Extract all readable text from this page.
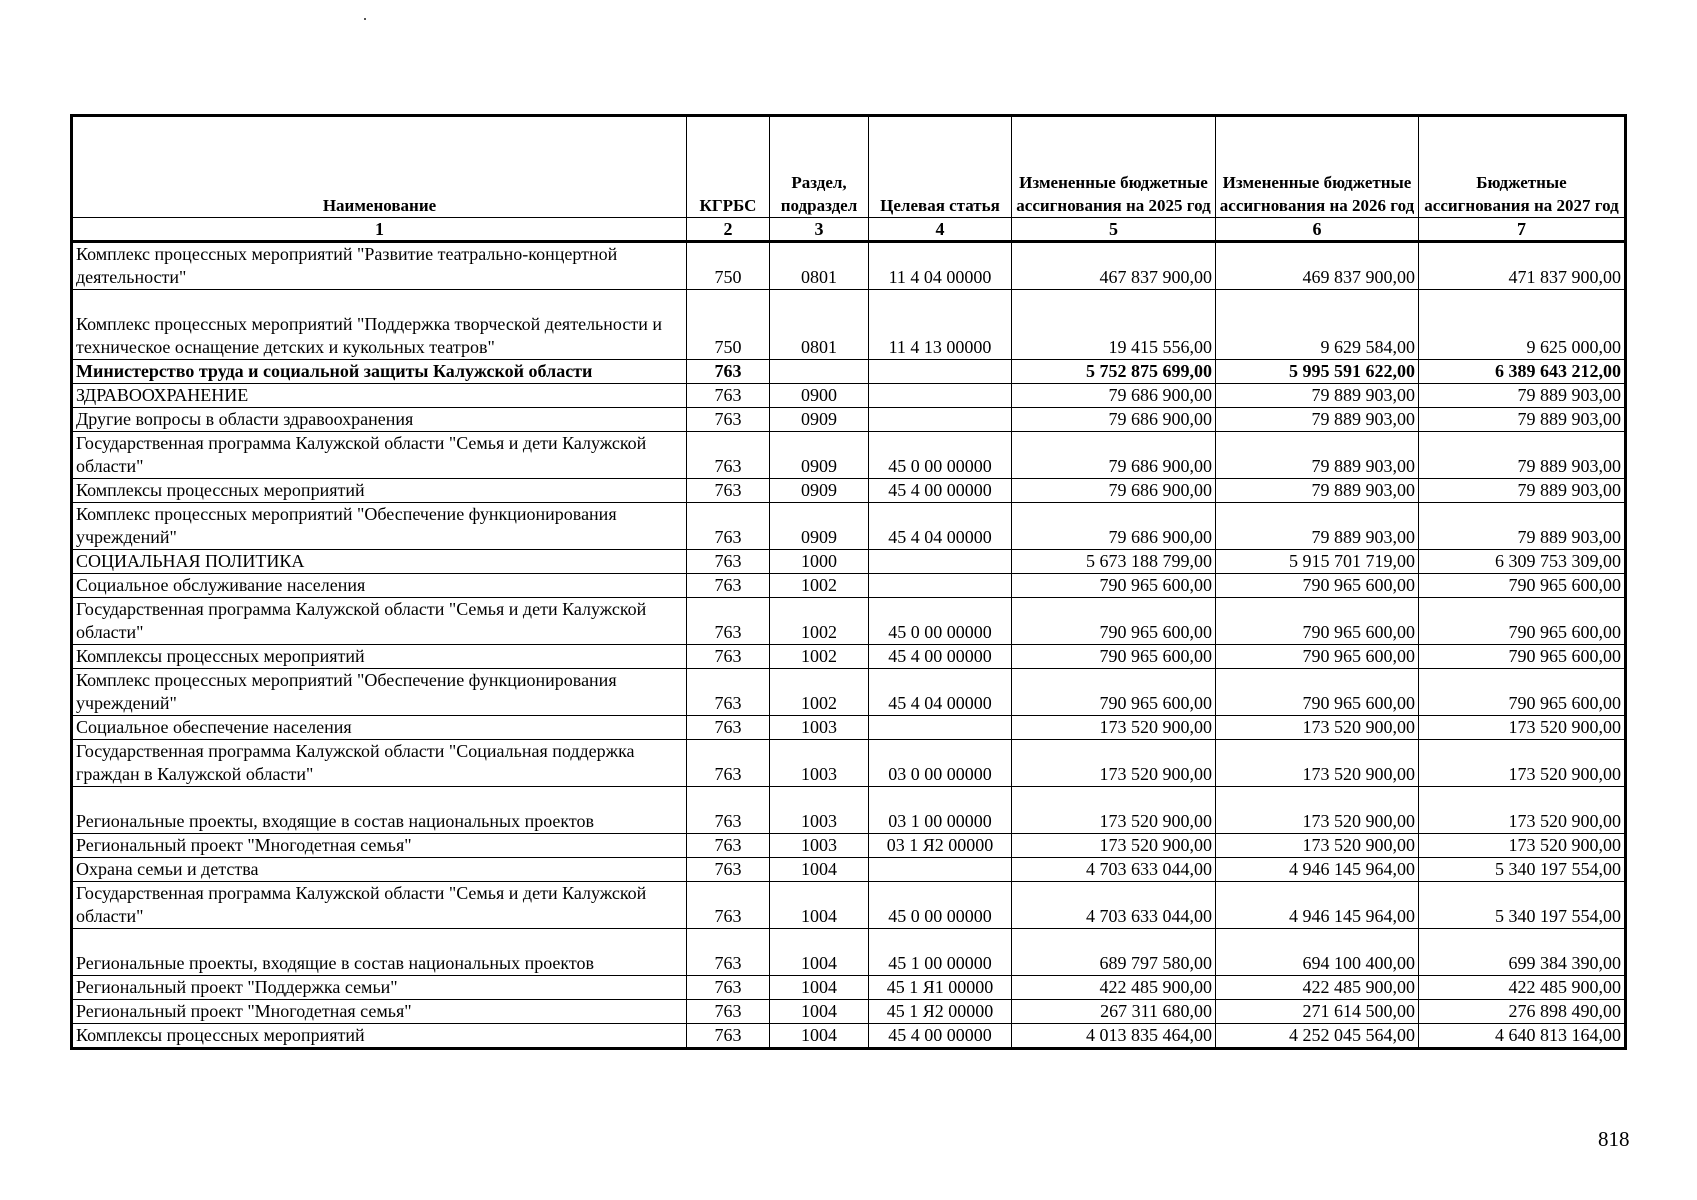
Наименование	КГРБС	Раздел, подраздел	Целевая статья	Измененные бюджетные ассигнования на 2025 год	Измененные бюджетные ассигнования на 2026 год	Бюджетные ассигнования на 2027 год
1	2	3	4	5	6	7
Комплекс процессных мероприятий "Развитие театрально-концертной деятельности"	750	0801	11 4 04 00000	467 837 900,00	469 837 900,00	471 837 900,00
Комплекс процессных мероприятий "Поддержка творческой деятельности и техническое оснащение детских и кукольных театров"	750	0801	11 4 13 00000	19 415 556,00	9 629 584,00	9 625 000,00
Министерство труда и социальной защиты Калужской области	763			5 752 875 699,00	5 995 591 622,00	6 389 643 212,00
ЗДРАВООХРАНЕНИЕ	763	0900		79 686 900,00	79 889 903,00	79 889 903,00
Другие вопросы в области здравоохранения	763	0909		79 686 900,00	79 889 903,00	79 889 903,00
Государственная программа Калужской области "Семья и дети Калужской области"	763	0909	45 0 00 00000	79 686 900,00	79 889 903,00	79 889 903,00
Комплексы процессных мероприятий	763	0909	45 4 00 00000	79 686 900,00	79 889 903,00	79 889 903,00
Комплекс процессных мероприятий "Обеспечение функционирования учреждений"	763	0909	45 4 04 00000	79 686 900,00	79 889 903,00	79 889 903,00
СОЦИАЛЬНАЯ ПОЛИТИКА	763	1000		5 673 188 799,00	5 915 701 719,00	6 309 753 309,00
Социальное обслуживание населения	763	1002		790 965 600,00	790 965 600,00	790 965 600,00
Государственная программа Калужской области "Семья и дети Калужской области"	763	1002	45 0 00 00000	790 965 600,00	790 965 600,00	790 965 600,00
Комплексы процессных мероприятий	763	1002	45 4 00 00000	790 965 600,00	790 965 600,00	790 965 600,00
Комплекс процессных мероприятий "Обеспечение функционирования учреждений"	763	1002	45 4 04 00000	790 965 600,00	790 965 600,00	790 965 600,00
Социальное обеспечение населения	763	1003		173 520 900,00	173 520 900,00	173 520 900,00
Государственная программа Калужской области "Социальная поддержка граждан в Калужской области"	763	1003	03 0 00 00000	173 520 900,00	173 520 900,00	173 520 900,00
Региональные проекты, входящие в состав национальных проектов	763	1003	03 1 00 00000	173 520 900,00	173 520 900,00	173 520 900,00
Региональный проект "Многодетная семья"	763	1003	03 1 Я2 00000	173 520 900,00	173 520 900,00	173 520 900,00
Охрана семьи и детства	763	1004		4 703 633 044,00	4 946 145 964,00	5 340 197 554,00
Государственная программа Калужской области "Семья и дети Калужской области"	763	1004	45 0 00 00000	4 703 633 044,00	4 946 145 964,00	5 340 197 554,00
Региональные проекты, входящие в состав национальных проектов	763	1004	45 1 00 00000	689 797 580,00	694 100 400,00	699 384 390,00
Региональный проект "Поддержка семьи"	763	1004	45 1 Я1 00000	422 485 900,00	422 485 900,00	422 485 900,00
Региональный проект "Многодетная семья"	763	1004	45 1 Я2 00000	267 311 680,00	271 614 500,00	276 898 490,00
Комплексы процессных мероприятий	763	1004	45 4 00 00000	4 013 835 464,00	4 252 045 564,00	4 640 813 164,00
818
